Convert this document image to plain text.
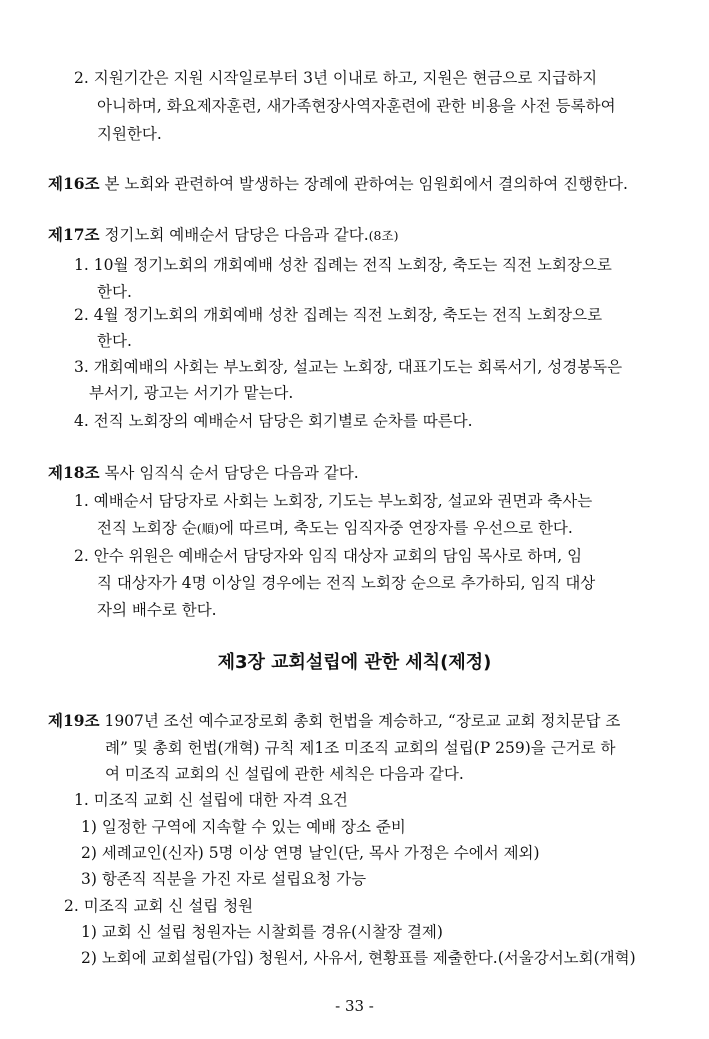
2. 지원기간은 지원 시작일로부터 3년 이내로 하고, 지원은 현금으로 지급하지
아니하며, 화요제자훈련, 새가족현장사역자훈련에 관한 비용을 사전 등록하여
지원한다.
제16조 본 노회와 관련하여 발생하는 장례에 관하여는 임원회에서 결의하여 진행한다.
제17조 정기노회 예배순서 담당은 다음과 같다.(8조)
1. 10월 정기노회의 개회예배 성찬 집례는 전직 노회장, 축도는 직전 노회장으로
한다.
2. 4월 정기노회의 개회예배 성찬 집례는 직전 노회장, 축도는 전직 노회장으로
한다.
3. 개회예배의 사회는 부노회장, 설교는 노회장, 대표기도는 회록서기, 성경봉독은
부서기, 광고는 서기가 맡는다.
4. 전직 노회장의 예배순서 담당은 회기별로 순차를 따른다.
제18조 목사 임직식 순서 담당은 다음과 같다.
1. 예배순서 담당자로 사회는 노회장, 기도는 부노회장, 설교와 권면과 축사는
전직 노회장 순(順)에 따르며, 축도는 임직자중 연장자를 우선으로 한다.
2. 안수 위원은 예배순서 담당자와 임직 대상자 교회의 담임 목사로 하며, 임
직 대상자가 4명 이상일 경우에는 전직 노회장 순으로 추가하되, 임직 대상
자의 배수로 한다.
제3장 교회설립에 관한 세칙(제정)
제19조 1907년 조선 예수교장로회 총회 헌법을 계승하고, “장로교 교회 정치문답 조
례” 및 총회 헌법(개혁) 규칙 제1조 미조직 교회의 설립(P 259)을 근거로 하
여 미조직 교회의 신 설립에 관한 세칙은 다음과 같다.
1. 미조직 교회 신 설립에 대한 자격 요건
1) 일정한 구역에 지속할 수 있는 예배 장소 준비
2) 세례교인(신자) 5명 이상 연명 날인(단, 목사 가정은 수에서 제외)
3) 항존직 직분을 가진 자로 설립요청 가능
2. 미조직 교회 신 설립 청원
1) 교회 신 설립 청원자는 시찰회를 경유(시찰장 결제)
2) 노회에 교회설립(가입) 청원서, 사유서, 현황표를 제출한다.(서울강서노회(개혁)
- 33 -
